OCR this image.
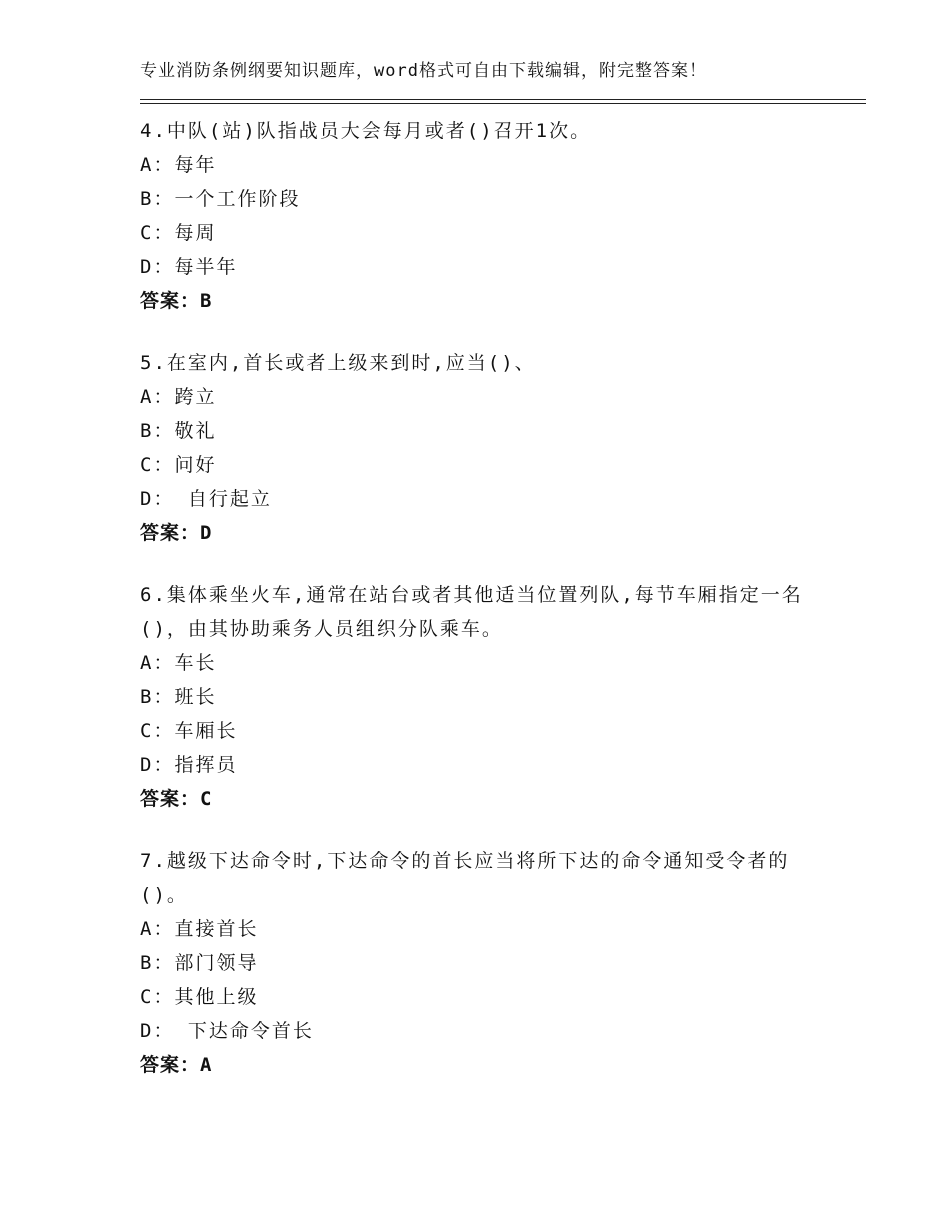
专业消防条例纲要知识题库，word格式可自由下载编辑，附完整答案！

4.中队(站)队指战员大会每月或者()召开1次。

A：每年

B：一个工作阶段

C：每周

D：每半年

答案：B

5.在室内,首长或者上级来到时,应当()、

A：跨立

B：敬礼

C：问好

D： 自行起立

答案：D

6.集体乘坐火车,通常在站台或者其他适当位置列队,每节车厢指定一名()，由其协助乘务人员组织分队乘车。

A：车长

B：班长

C：车厢长

D：指挥员

答案：C

7.越级下达命令时,下达命令的首长应当将所下达的命令通知受令者的()。

A：直接首长

B：部门领导

C：其他上级

D： 下达命令首长

答案：A
